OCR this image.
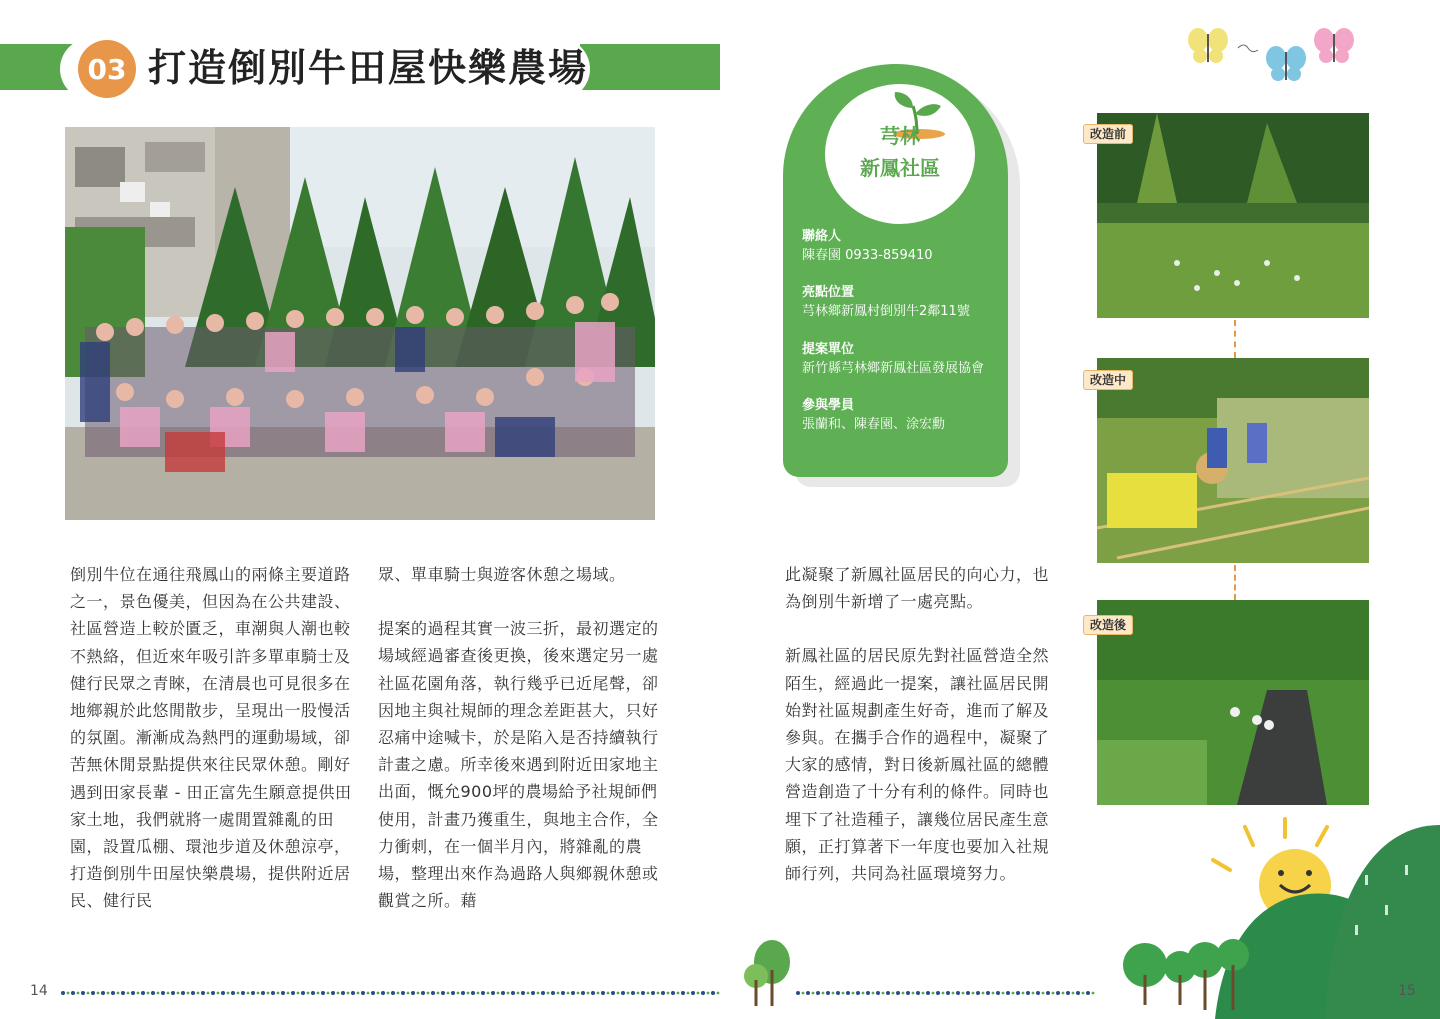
03 打造倒別牛田屋快樂農場

倒別牛位在通往飛鳳山的兩條主要道路之一，景色優美，但因為在公共建設、社區營造上較於匱乏，車潮與人潮也較不熱絡，但近來年吸引許多單車騎士及健行民眾之青睞，在清晨也可見很多在地鄉親於此悠閒散步，呈現出一股慢活的氛圍。漸漸成為熱門的運動場域，卻苦無休閒景點提供來往民眾休憩。剛好遇到田家長輩 - 田正富先生願意提供田家土地，我們就將一處閒置雜亂的田園，設置瓜棚、環池步道及休憩涼亭，打造倒別牛田屋快樂農場，提供附近居民、健行民

眾、單車騎士與遊客休憩之場域。

提案的過程其實一波三折，最初選定的場域經過審查後更換，後來選定另一處社區花園角落，執行幾乎已近尾聲，卻因地主與社規師的理念差距甚大，只好忍痛中途喊卡，於是陷入是否持續執行計畫之慮。所幸後來遇到附近田家地主出面，慨允900坪的農場給予社規師們使用，計畫乃獲重生，與地主合作，全力衝刺，在一個半月內，將雜亂的農場，整理出來作為過路人與鄉親休憩或觀賞之所。藉

此凝聚了新鳳社區居民的向心力，也為倒別牛新增了一處亮點。

新鳳社區的居民原先對社區營造全然陌生，經過此一提案，讓社區居民開始對社區規劃產生好奇，進而了解及參與。在攜手合作的過程中，凝聚了大家的感情，對日後新鳳社區的總體營造創造了十分有利的條件。同時也埋下了社造種子，讓幾位居民產生意願，正打算著下一年度也要加入社規師行列，共同為社區環境努力。

芎林
新鳳社區
聯絡人
陳春園 0933-859410
亮點位置
芎林鄉新鳳村倒別牛2鄰11號
提案單位
新竹縣芎林鄉新鳳社區發展協會
參與學員
張蘭和、陳春園、涂宏勳
改造前
改造中
改造後
14	15
